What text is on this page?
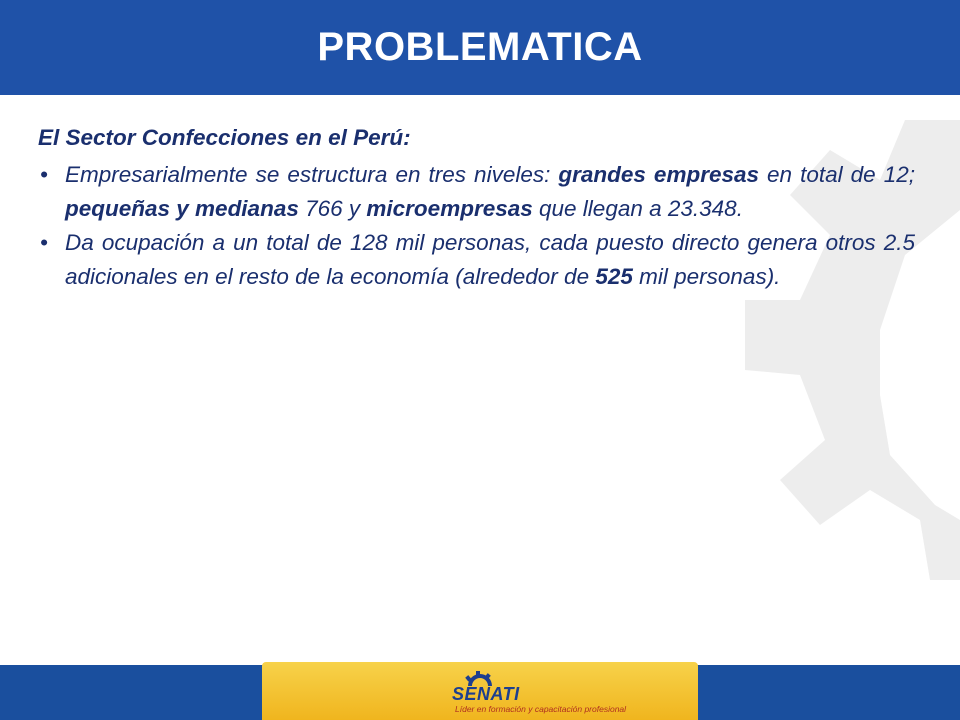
PROBLEMATICA

El Sector Confecciones en el Perú:

• Empresarialmente se estructura en tres niveles: grandes empresas en total de 12; pequeñas y medianas 766 y microempresas que llegan a 23.348.
• Da ocupación a un total de 128 mil personas, cada puesto directo genera otros 2.5 adicionales en el resto de la economía (alrededor de 525 mil personas).
SENATI
Líder en formación y capacitación profesional
